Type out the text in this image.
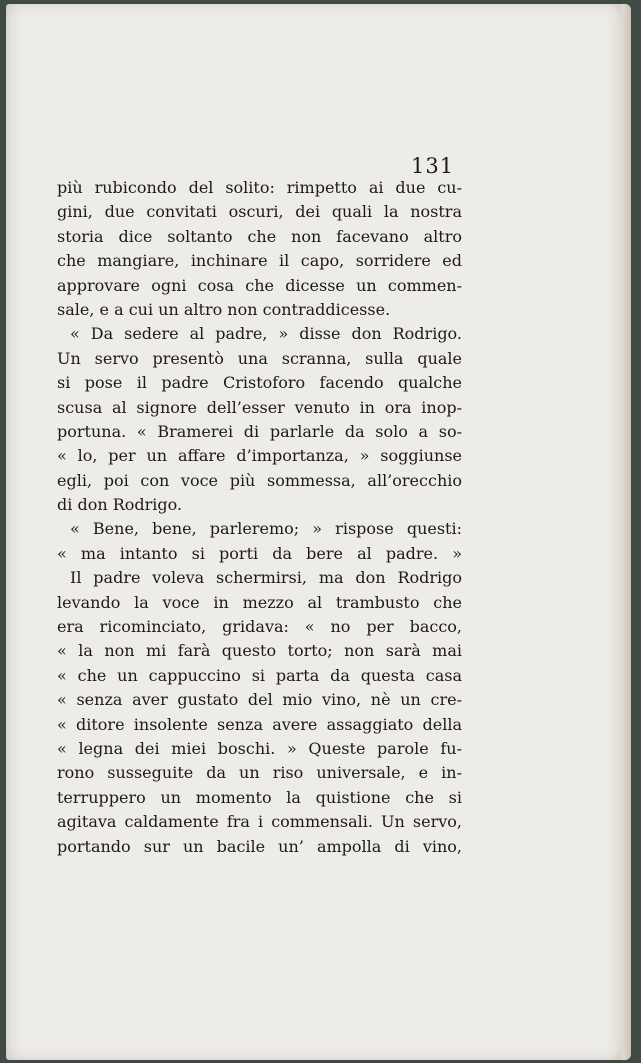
131
più rubicondo del solito: rimpetto ai due cu-
gini, due convitati oscuri, dei quali la nostra
storia dice soltanto che non facevano altro
che mangiare, inchinare il capo, sorridere ed
approvare ogni cosa che dicesse un commen-
sale, e a cui un altro non contraddicesse.
« Da sedere al padre, » disse don Rodrigo.
Un servo presentò una scranna, sulla quale
si pose il padre Cristoforo facendo qualche
scusa al signore dell’esser venuto in ora inop-
portuna. « Bramerei di parlarle da solo a so-
« lo, per un affare d’importanza, » soggiunse
egli, poi con voce più sommessa, all’orecchio
di don Rodrigo.
« Bene, bene, parleremo; » rispose questi:
« ma intanto si porti da bere al padre. »
Il padre voleva schermirsi, ma don Rodrigo
levando la voce in mezzo al trambusto che
era ricominciato, gridava: « no per bacco,
« la non mi farà questo torto; non sarà mai
« che un cappuccino si parta da questa casa
« senza aver gustato del mio vino, nè un cre-
« ditore insolente senza avere assaggiato della
« legna dei miei boschi. » Queste parole fu-
rono susseguite da un riso universale, e in-
terruppero un momento la quistione che si
agitava caldamente fra i commensali. Un servo,
portando sur un bacile un’ ampolla di vino,
